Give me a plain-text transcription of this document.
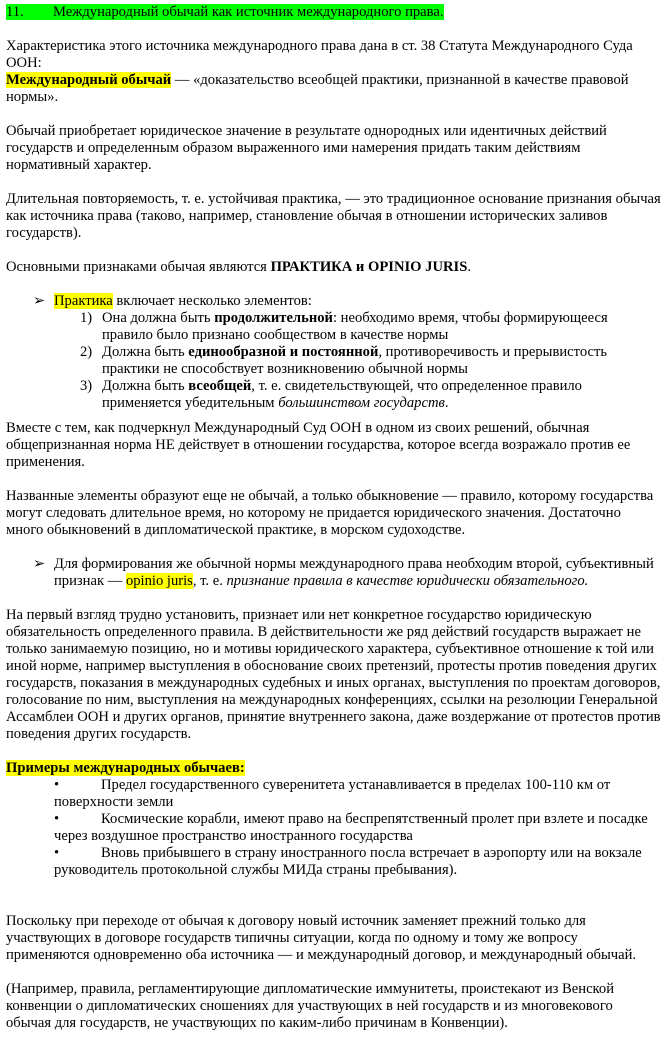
11. Международный обычай как источник международного права.

Характеристика этого источника международного права дана в ст. 38 Статута Международного Суда ООН:

Международный обычай — «доказательство всеобщей практики, признанной в качестве правовой нормы».

Обычай приобретает юридическое значение в результате однородных или идентичных действий государств и определенным образом выраженного ими намерения придать таким действиям нормативный характер.

Длительная повторяемость, т. е. устойчивая практика, — это традиционное основание признания обычая как источника права (таково, например, становление обычая в отношении исторических заливов государств).

Основными признаками обычая являются ПРАКТИКА и OPINIO JURIS.

➢ Практика включает несколько элементов:

1) Она должна быть продолжительной: необходимо время, чтобы формирующееся правило было признано сообществом в качестве нормы
2) Должна быть единообразной и постоянной, противоречивость и прерывистость практики не способствует возникновению обычной нормы
3) Должна быть всеобщей, т. е. свидетельствующей, что определенное правило применяется убедительным большинством государств.

Вместе с тем, как подчеркнул Международный Суд ООН в одном из своих решений, обычная общепризнанная норма НЕ действует в отношении государства, которое всегда возражало против ее применения.

Названные элементы образуют еще не обычай, а только обыкновение — правило, которому государства могут следовать длительное время, но которому не придается юридического значения. Достаточно много обыкновений в дипломатической практике, в морском судоходстве.

➢ Для формирования же обычной нормы международного права необходим второй, субъективный признак — opinio juris, т. е. признание правила в качестве юридически обязательного.

На первый взгляд трудно установить, признает или нет конкретное государство юридическую обязательность определенного правила. В действительности же ряд действий государств выражает не только занимаемую позицию, но и мотивы юридического характера, субъективное отношение к той или иной норме, например выступления в обоснование своих претензий, протесты против поведения других государств, показания в международных судебных и иных органах, выступления по проектам договоров, голосование по ним, выступления на международных конференциях, ссылки на резолюции Генеральной Ассамблеи ООН и других органов, принятие внутреннего закона, даже воздержание от протестов против поведения других государств.

Примеры международных обычаев:

•	Предел государственного суверенитета устанавливается в пределах 100-110 км от поверхности земли
•	Космические корабли, имеют право на беспрепятственный пролет при взлете и посадке через воздушное пространство иностранного государства
•	Вновь прибывшего в страну иностранного посла встречает в аэропорту или на вокзале руководитель протокольной службы МИДа страны пребывания).

Поскольку при переходе от обычая к договору новый источник заменяет прежний только для участвующих в договоре государств типичны ситуации, когда по одному и тому же вопросу применяются одновременно оба источника — и международный договор, и международный обычай.

(Например, правила, регламентирующие дипломатические иммунитеты, проистекают из Венской конвенции о дипломатических сношениях для участвующих в ней государств и из многовекового обычая для государств, не участвующих по каким-либо причинам в Конвенции).
